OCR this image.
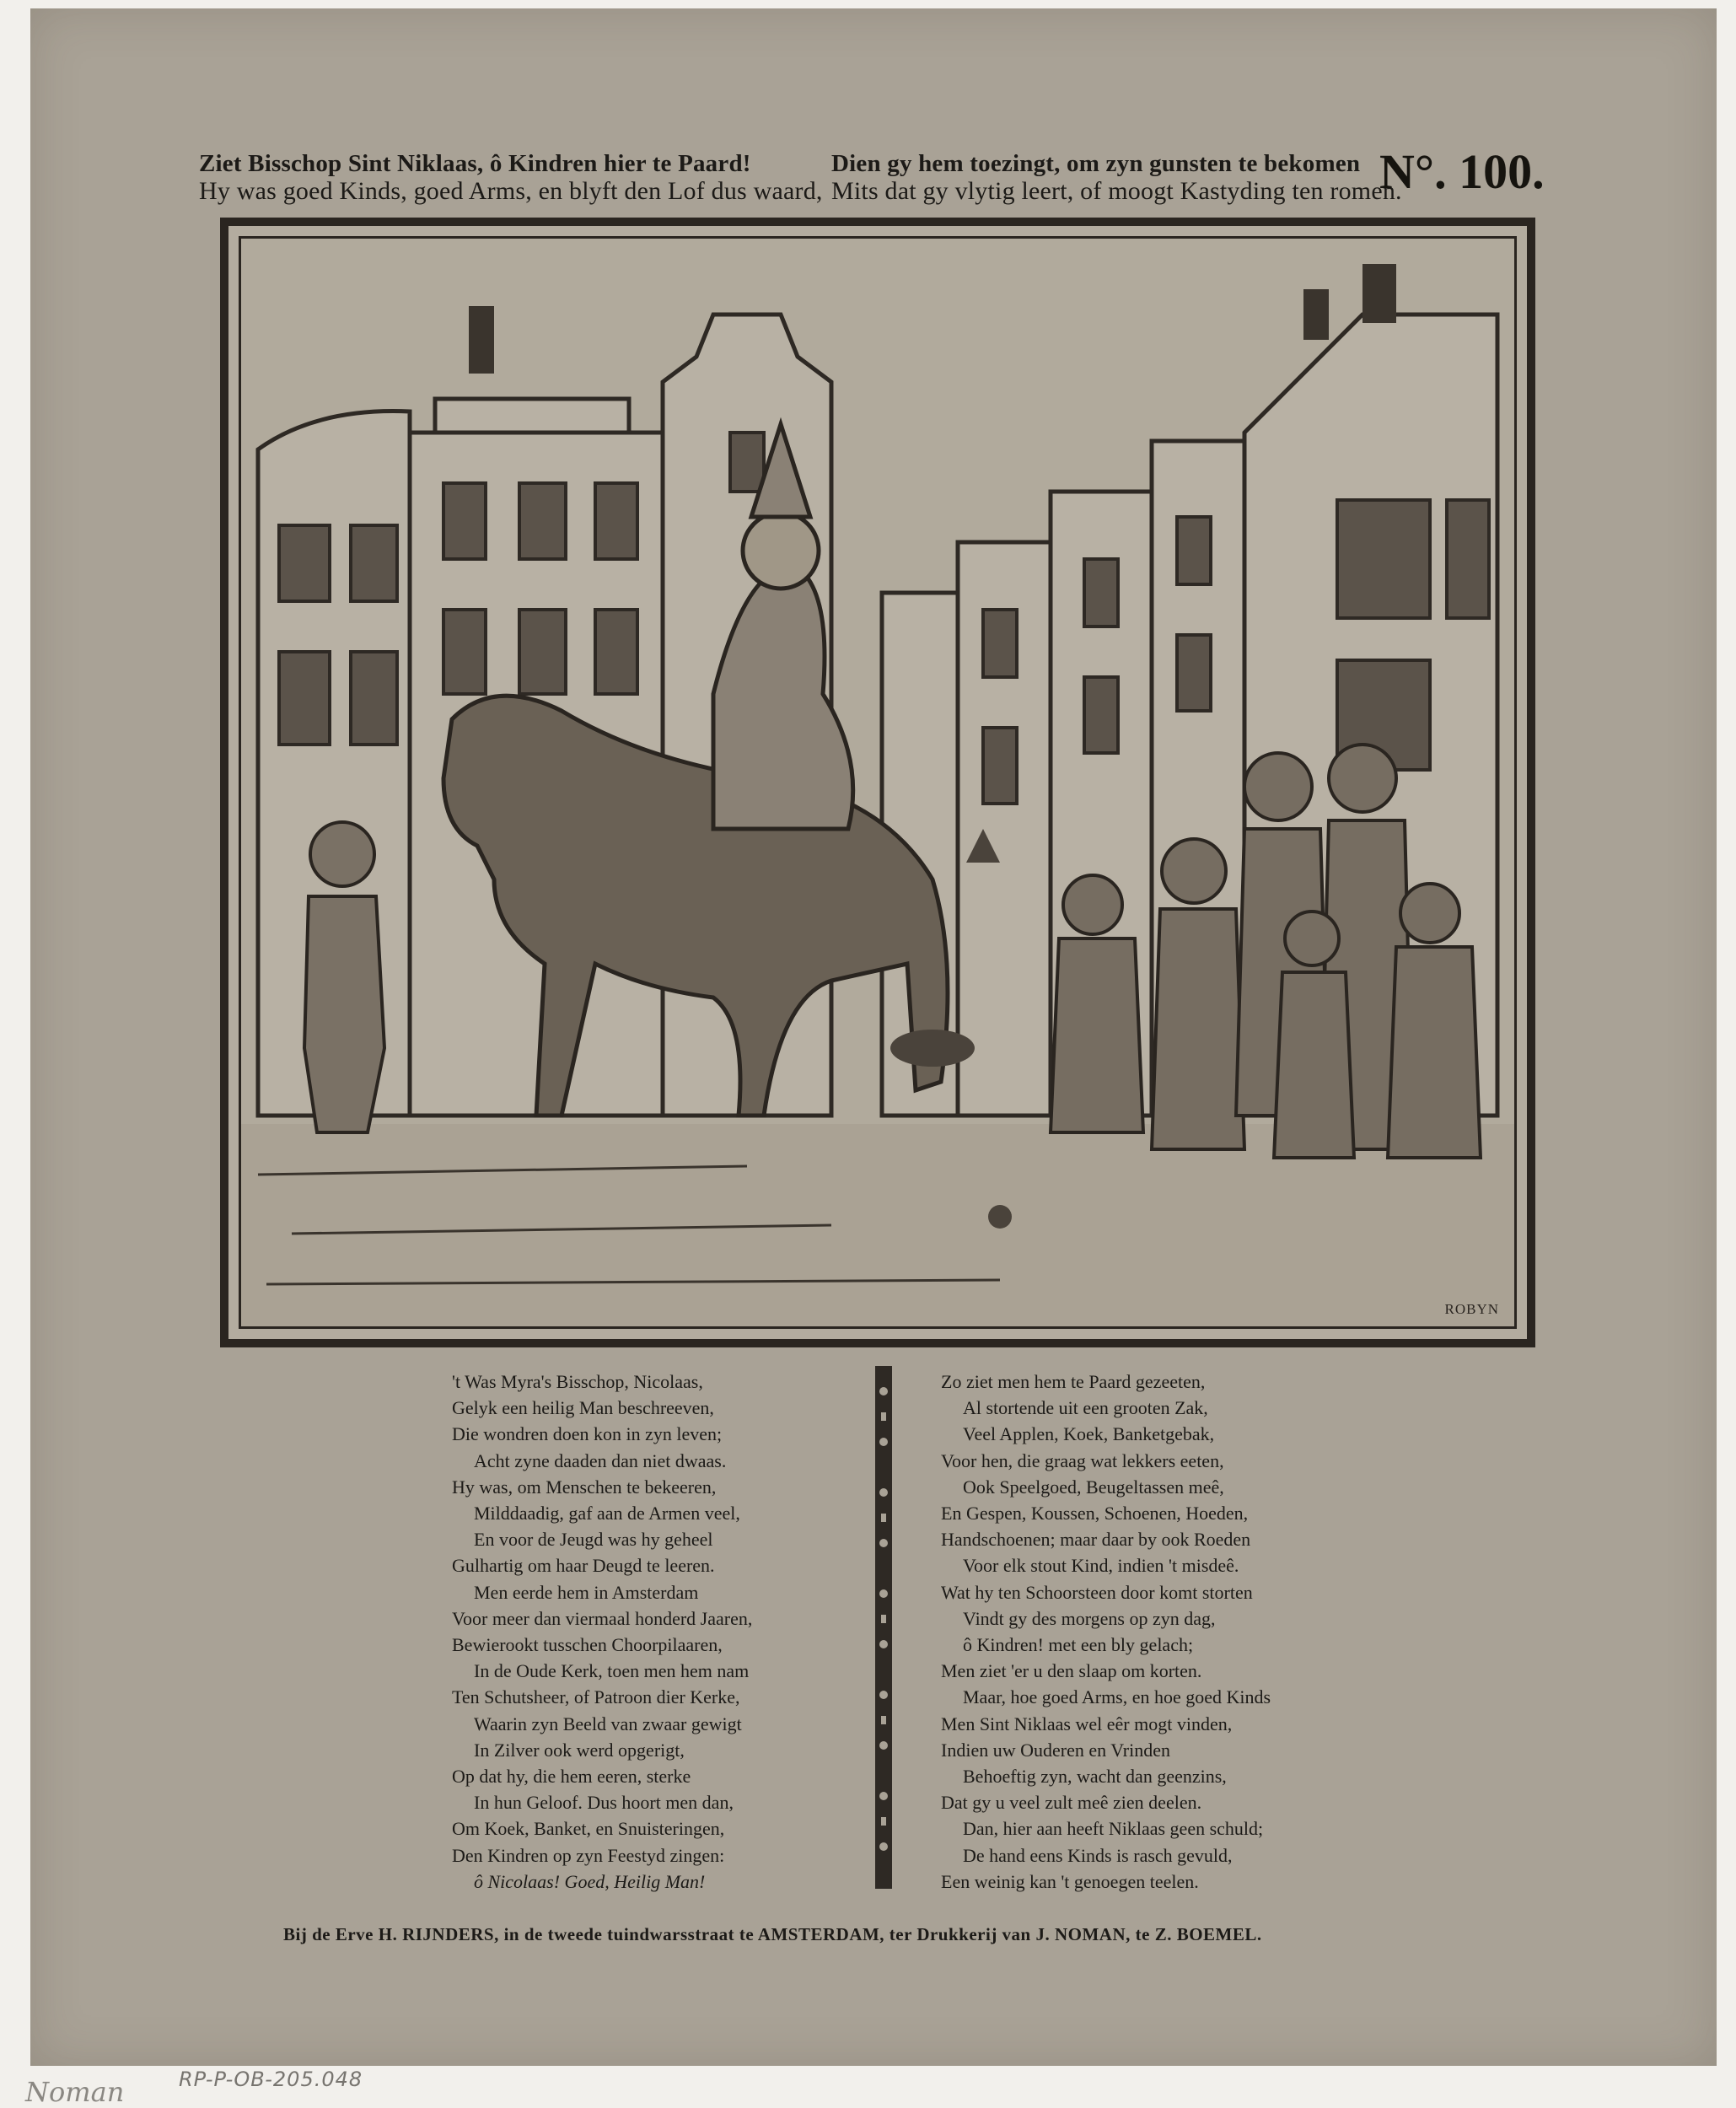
Ziet Bisschop Sint Niklaas, ô Kindren hier te Paard!	Dien gy hem toezingt, om zyn gunsten te bekomen
Hy was goed Kinds, goed Arms, en blyft den Lof dus waard, Mits dat gy vlytig leert, of moogt Kastyding ten romen.
N°. 100.
ROBYN
't Was Myra's Bisschop, Nicolaas,
Gelyk een heilig Man beschreeven,
Die wondren doen kon in zyn leven;
Acht zyne daaden dan niet dwaas.
Hy was, om Menschen te bekeeren,
Milddaadig, gaf aan de Armen veel,
En voor de Jeugd was hy geheel
Gulhartig om haar Deugd te leeren.
Men eerde hem in Amsterdam
Voor meer dan viermaal honderd Jaaren,
Bewierookt tusschen Choorpilaaren,
In de Oude Kerk, toen men hem nam
Ten Schutsheer, of Patroon dier Kerke,
Waarin zyn Beeld van zwaar gewigt
In Zilver ook werd opgerigt,
Op dat hy, die hem eeren, sterke
In hun Geloof. Dus hoort men dan,
Om Koek, Banket, en Snuisteringen,
Den Kindren op zyn Feestyd zingen:
ô Nicolaas! Goed, Heilig Man!
Zo ziet men hem te Paard gezeeten,
Al stortende uit een grooten Zak,
Veel Applen, Koek, Banketgebak,
Voor hen, die graag wat lekkers eeten,
Ook Speelgoed, Beugeltassen meê,
En Gespen, Koussen, Schoenen, Hoeden,
Handschoenen; maar daar by ook Roeden
Voor elk stout Kind, indien 't misdeê.
Wat hy ten Schoorsteen door komt storten
Vindt gy des morgens op zyn dag,
ô Kindren! met een bly gelach;
Men ziet 'er u den slaap om korten.
Maar, hoe goed Arms, en hoe goed Kinds
Men Sint Niklaas wel eêr mogt vinden,
Indien uw Ouderen en Vrinden
Behoeftig zyn, wacht dan geenzins,
Dat gy u veel zult meê zien deelen.
Dan, hier aan heeft Niklaas geen schuld;
De hand eens Kinds is rasch gevuld,
Een weinig kan 't genoegen teelen.
Bij de Erve H. RIJNDERS, in de tweede tuindwarsstraat te AMSTERDAM, ter Drukkerij van J. NOMAN, te Z. BOEMEL.
Noman	RP-P-OB-205.048
